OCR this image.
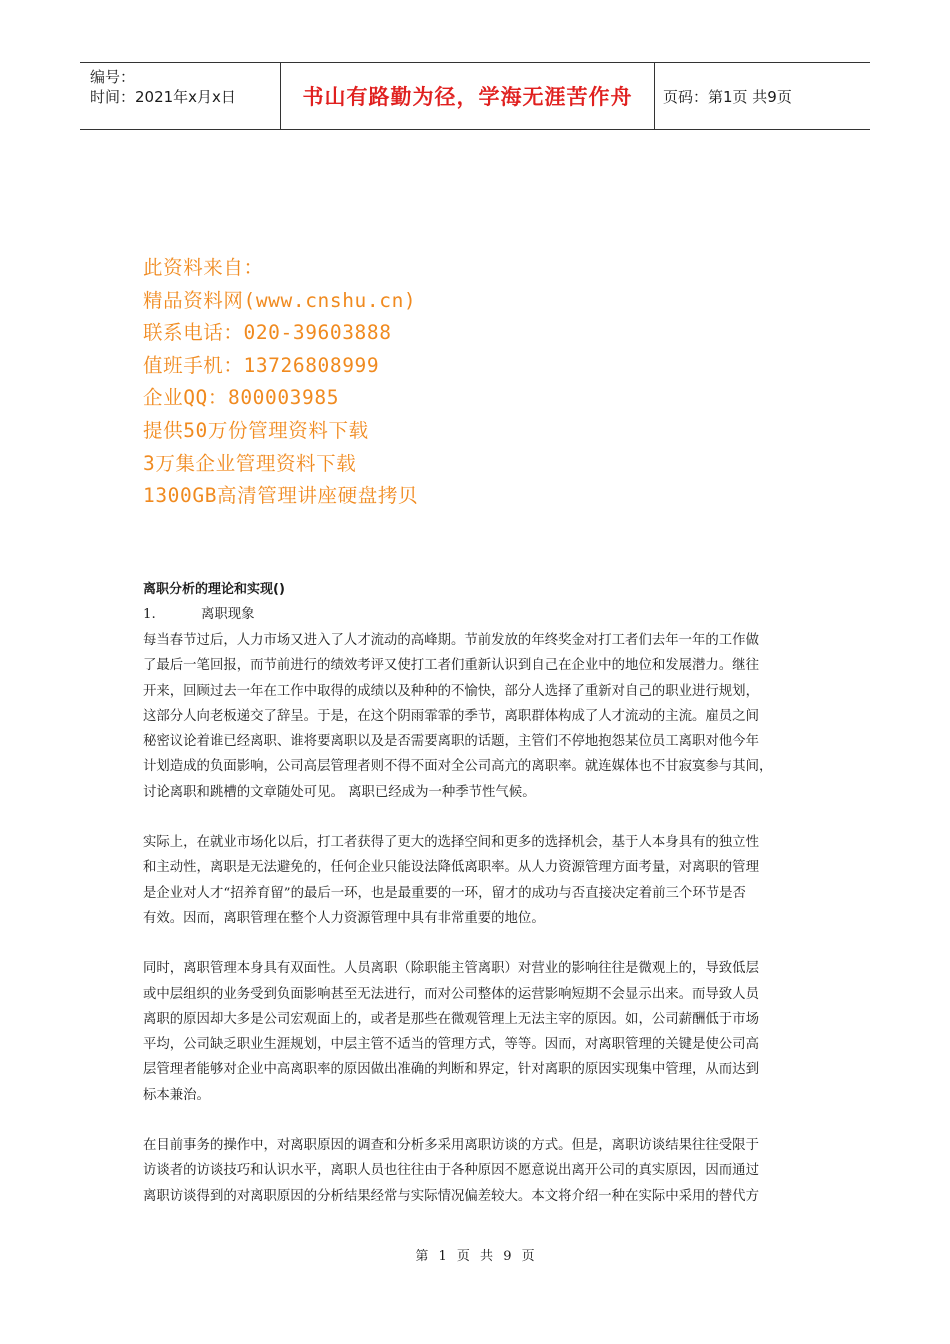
编号：
时间：2021年x月x日	书山有路勤为径，学海无涯苦作舟	页码：第1页 共9页
此资料来自：
精品资料网(www.cnshu.cn)
联系电话：020-39603888
值班手机：13726808999
企业QQ：800003985
提供50万份管理资料下载
3万集企业管理资料下载
1300GB高清管理讲座硬盘拷贝
离职分析的理论和实现()
1.	离职现象

每当春节过后，人力市场又进入了人才流动的高峰期。节前发放的年终奖金对打工者们去年一年的工作做
了最后一笔回报，而节前进行的绩效考评又使打工者们重新认识到自己在企业中的地位和发展潜力。继往
开来，回顾过去一年在工作中取得的成绩以及种种的不愉快，部分人选择了重新对自己的职业进行规划，
这部分人向老板递交了辞呈。于是，在这个阴雨霏霏的季节，离职群体构成了人才流动的主流。雇员之间
秘密议论着谁已经离职、谁将要离职以及是否需要离职的话题，主管们不停地抱怨某位员工离职对他今年
计划造成的负面影响，公司高层管理者则不得不面对全公司高亢的离职率。就连媒体也不甘寂寞参与其间，
讨论离职和跳槽的文章随处可见。 离职已经成为一种季节性气候。

实际上，在就业市场化以后，打工者获得了更大的选择空间和更多的选择机会，基于人本身具有的独立性
和主动性，离职是无法避免的，任何企业只能设法降低离职率。从人力资源管理方面考量，对离职的管理
是企业对人才“招养育留”的最后一环，也是最重要的一环，留才的成功与否直接决定着前三个环节是否
有效。因而，离职管理在整个人力资源管理中具有非常重要的地位。

同时，离职管理本身具有双面性。人员离职（除职能主管离职）对营业的影响往往是微观上的，导致低层
或中层组织的业务受到负面影响甚至无法进行，而对公司整体的运营影响短期不会显示出来。而导致人员
离职的原因却大多是公司宏观面上的，或者是那些在微观管理上无法主宰的原因。如，公司薪酬低于市场
平均，公司缺乏职业生涯规划，中层主管不适当的管理方式，等等。因而，对离职管理的关键是使公司高
层管理者能够对企业中高离职率的原因做出准确的判断和界定，针对离职的原因实现集中管理，从而达到
标本兼治。

在目前事务的操作中，对离职原因的调查和分析多采用离职访谈的方式。但是，离职访谈结果往往受限于
访谈者的访谈技巧和认识水平，离职人员也往往由于各种原因不愿意说出离开公司的真实原因，因而通过
离职访谈得到的对离职原因的分析结果经常与实际情况偏差较大。本文将介绍一种在实际中采用的替代方

第 1 页 共 9 页
